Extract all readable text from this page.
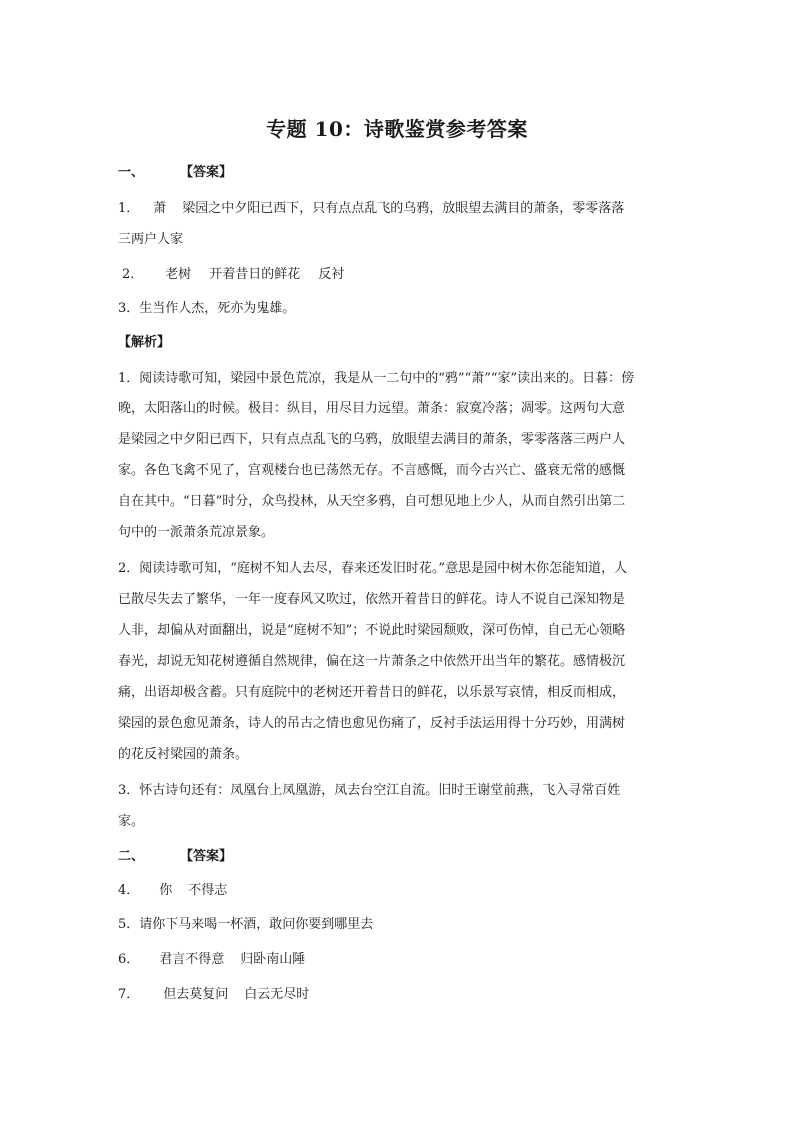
专题 10：诗歌鉴赏参考答案
一、	【答案】
1． 萧 梁园之中夕阳已西下，只有点点乱飞的乌鸦，放眼望去满目的萧条，零零落落
三两户人家
2． 老树 开着昔日的鲜花 反衬
3．生当作人杰，死亦为鬼雄。
【解析】
1．阅读诗歌可知，梁园中景色荒凉，我是从一二句中的“鸦”“萧”“家”读出来的。日暮：傍
晚，太阳落山的时候。极目：纵目，用尽目力远望。萧条：寂寞冷落；凋零。这两句大意
是梁园之中夕阳已西下，只有点点乱飞的乌鸦，放眼望去满目的萧条，零零落落三两户人
家。各色飞禽不见了，宫观楼台也已荡然无存。不言感慨，而今古兴亡、盛衰无常的感慨
自在其中。“日暮”时分，众鸟投林，从天空多鸦，自可想见地上少人，从而自然引出第二
句中的一派萧条荒凉景象。
2．阅读诗歌可知，“庭树不知人去尽，春来还发旧时花。”意思是园中树木你怎能知道，人
已散尽失去了繁华，一年一度春风又吹过，依然开着昔日的鲜花。诗人不说自己深知物是
人非，却偏从对面翻出，说是“庭树不知”；不说此时梁园颓败，深可伤悼，自己无心领略
春光，却说无知花树遵循自然规律，偏在这一片萧条之中依然开出当年的繁花。感情极沉
痛，出语却极含蓄。只有庭院中的老树还开着昔日的鲜花，以乐景写哀情，相反而相成，
梁园的景色愈见萧条，诗人的吊古之情也愈见伤痛了，反衬手法运用得十分巧妙，用满树
的花反衬梁园的萧条。
3．怀古诗句还有：凤凰台上凤凰游，凤去台空江自流。旧时王谢堂前燕，飞入寻常百姓
家。
二、	【答案】
4． 你 不得志
5．请你下马来喝一杯酒，敢问你要到哪里去
6． 君言不得意 归卧南山陲
7． 但去莫复问 白云无尽时
